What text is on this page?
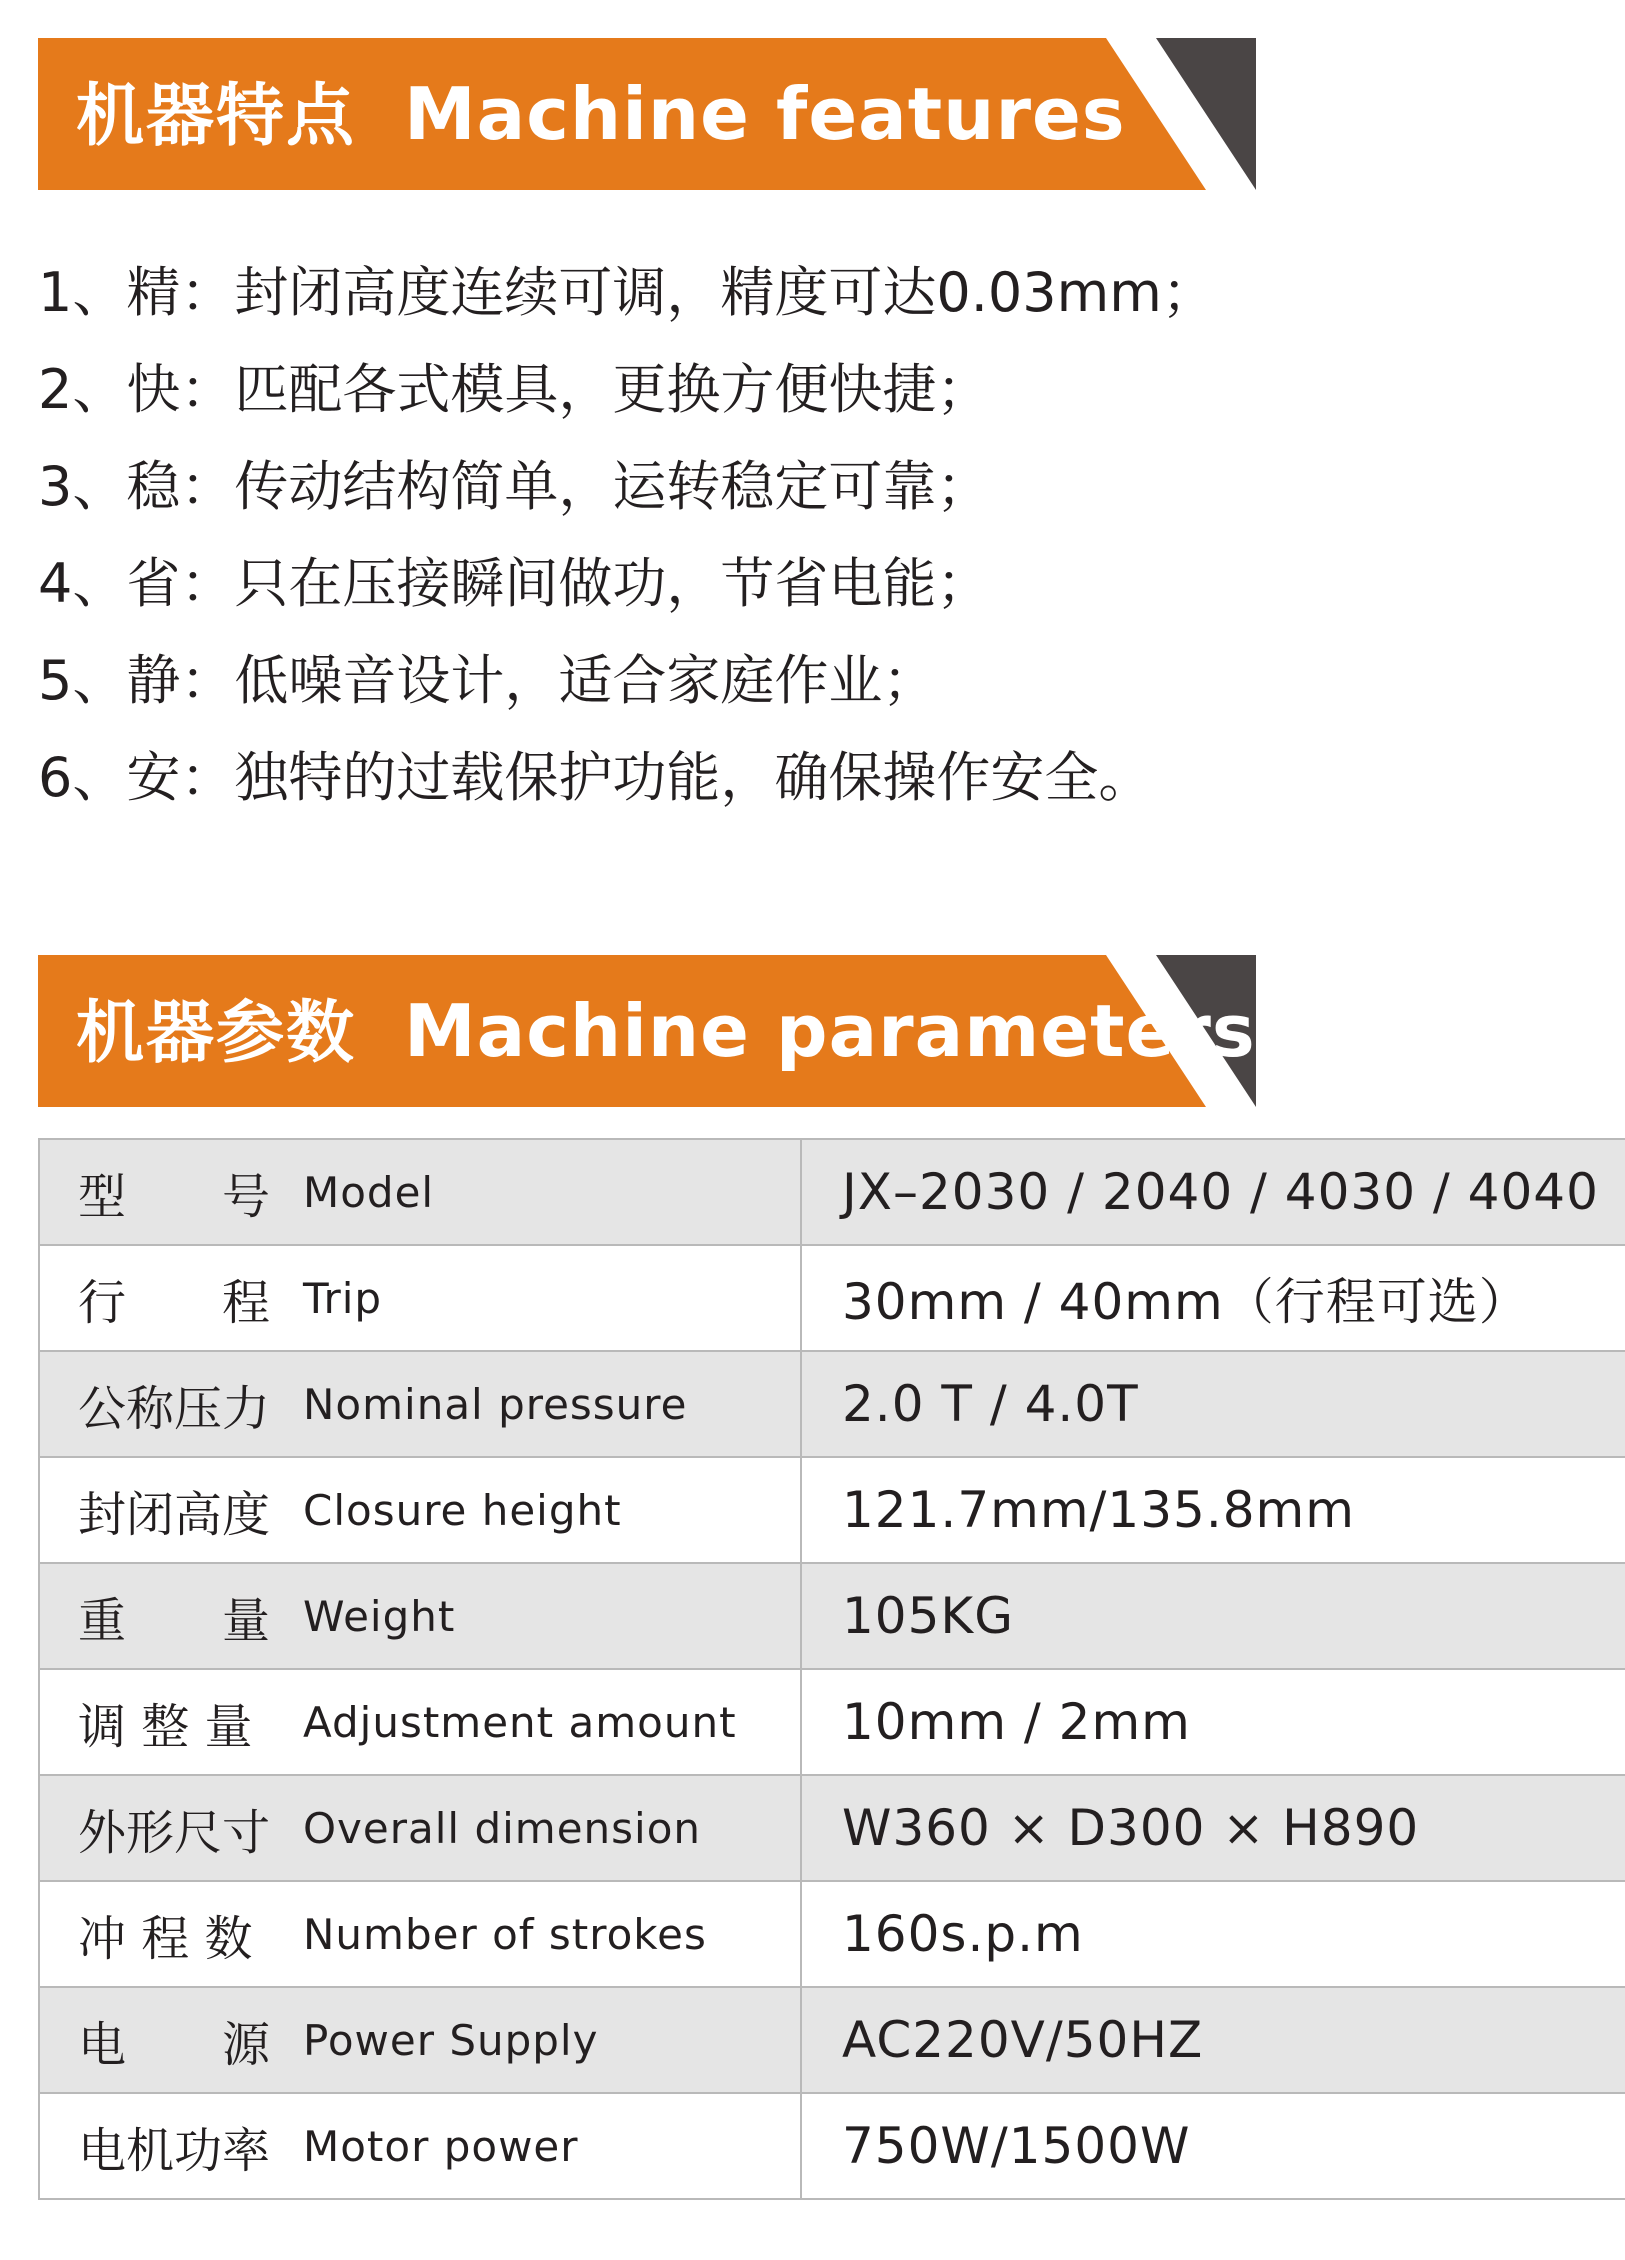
机器特点 Machine features
1、精：封闭高度连续可调，精度可达0.03mm；
2、快：匹配各式模具，更换方便快捷；
3、稳：传动结构简单，运转稳定可靠；
4、省：只在压接瞬间做功，节省电能；
5、静：低噪音设计，适合家庭作业；
6、安：独特的过载保护功能，确保操作安全。
机器参数 Machine parameters
型　　号 Model	JX–2030 / 2040 / 4030 / 4040
行　　程 Trip	30mm / 40mm（行程可选）
公称压力 Nominal pressure	2.0 T / 4.0T
封闭高度 Closure height	121.7mm/135.8mm
重　　量 Weight	105KG
调 整 量 Adjustment amount	10mm / 2mm
外形尺寸 Overall dimension	W360 × D300 × H890
冲 程 数 Number of strokes	160s.p.m
电　　源 Power Supply	AC220V/50HZ
电机功率 Motor power	750W/1500W
